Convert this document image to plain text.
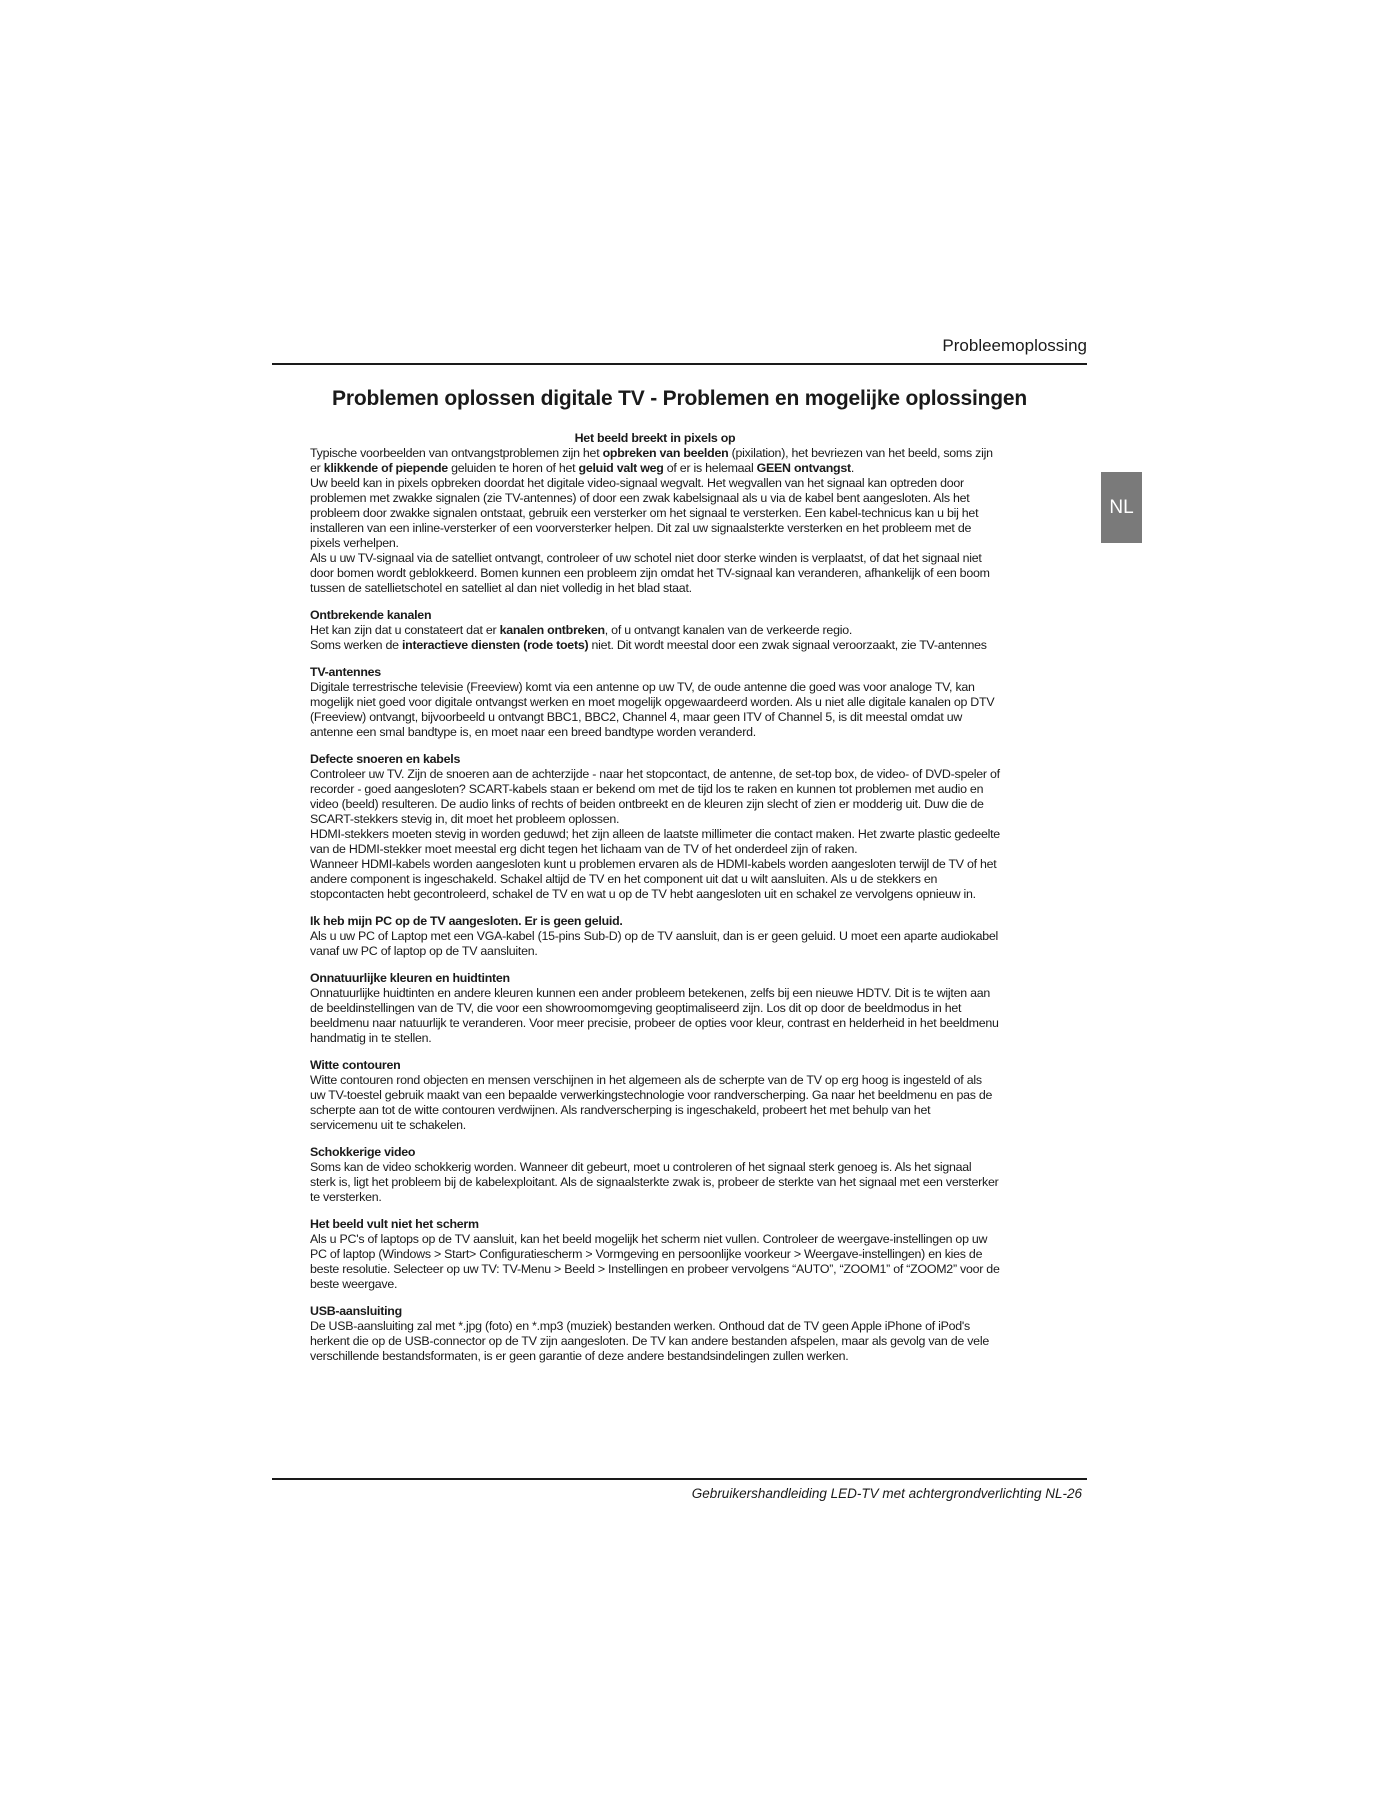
Probleemoplossing
Problemen oplossen digitale TV - Problemen en mogelijke oplossingen
NL
Het beeld breekt in pixels op

Typische voorbeelden van ontvangstproblemen zijn het opbreken van beelden (pixilation), het bevriezen van het beeld, soms zijn er klikkende of piepende geluiden te horen of het geluid valt weg of er is helemaal GEEN ontvangst.

Uw beeld kan in pixels opbreken doordat het digitale video-signaal wegvalt. Het wegvallen van het signaal kan optreden door problemen met zwakke signalen (zie TV-antennes) of door een zwak kabelsignaal als u via de kabel bent aangesloten. Als het probleem door zwakke signalen ontstaat, gebruik een versterker om het signaal te versterken. Een kabel-technicus kan u bij het installeren van een inline-versterker of een voorversterker helpen. Dit zal uw signaalsterkte versterken en het probleem met de pixels verhelpen.

Als u uw TV-signaal via de satelliet ontvangt, controleer of uw schotel niet door sterke winden is verplaatst, of dat het signaal niet door bomen wordt geblokkeerd. Bomen kunnen een probleem zijn omdat het TV-signaal kan veranderen, afhankelijk of een boom tussen de satellietschotel en satelliet al dan niet volledig in het blad staat.

Ontbrekende kanalen

Het kan zijn dat u constateert dat er kanalen ontbreken, of u ontvangt kanalen van de verkeerde regio.

Soms werken de interactieve diensten (rode toets) niet. Dit wordt meestal door een zwak signaal veroorzaakt, zie TV-antennes

TV-antennes

Digitale terrestrische televisie (Freeview) komt via een antenne op uw TV, de oude antenne die goed was voor analoge TV, kan mogelijk niet goed voor digitale ontvangst werken en moet mogelijk opgewaardeerd worden. Als u niet alle digitale kanalen op DTV (Freeview) ontvangt, bijvoorbeeld u ontvangt BBC1, BBC2, Channel 4, maar geen ITV of Channel 5, is dit meestal omdat uw antenne een smal bandtype is, en moet naar een breed bandtype worden veranderd.

Defecte snoeren en kabels

Controleer uw TV. Zijn de snoeren aan de achterzijde - naar het stopcontact, de antenne, de set-top box, de video- of DVD-speler of recorder - goed aangesloten? SCART-kabels staan er bekend om met de tijd los te raken en kunnen tot problemen met audio en video (beeld) resulteren. De audio links of rechts of beiden ontbreekt en de kleuren zijn slecht of zien er modderig uit. Duw die de SCART-stekkers stevig in, dit moet het probleem oplossen.

HDMI-stekkers moeten stevig in worden geduwd; het zijn alleen de laatste millimeter die contact maken. Het zwarte plastic gedeelte van de HDMI-stekker moet meestal erg dicht tegen het lichaam van de TV of het onderdeel zijn of raken.

Wanneer HDMI-kabels worden aangesloten kunt u problemen ervaren als de HDMI-kabels worden aangesloten terwijl de TV of het andere component is ingeschakeld. Schakel altijd de TV en het component uit dat u wilt aansluiten. Als u de stekkers en stopcontacten hebt gecontroleerd, schakel de TV en wat u op de TV hebt aangesloten uit en schakel ze vervolgens opnieuw in.

Ik heb mijn PC op de TV aangesloten. Er is geen geluid.

Als u uw PC of Laptop met een VGA-kabel (15-pins Sub-D) op de TV aansluit, dan is er geen geluid. U moet een aparte audiokabel vanaf uw PC of laptop op de TV aansluiten.

Onnatuurlijke kleuren en huidtinten

Onnatuurlijke huidtinten en andere kleuren kunnen een ander probleem betekenen, zelfs bij een nieuwe HDTV. Dit is te wijten aan de beeldinstellingen van de TV, die voor een showroomomgeving geoptimaliseerd zijn. Los dit op door de beeldmodus in het beeldmenu naar natuurlijk te veranderen. Voor meer precisie, probeer de opties voor kleur, contrast en helderheid in het beeldmenu handmatig in te stellen.

Witte contouren

Witte contouren rond objecten en mensen verschijnen in het algemeen als de scherpte van de TV op erg hoog is ingesteld of als uw TV-toestel gebruik maakt van een bepaalde verwerkingstechnologie voor randverscherping. Ga naar het beeldmenu en pas de scherpte aan tot de witte contouren verdwijnen. Als randverscherping is ingeschakeld, probeert het met behulp van het servicemenu uit te schakelen.

Schokkerige video

Soms kan de video schokkerig worden. Wanneer dit gebeurt, moet u controleren of het signaal sterk genoeg is. Als het signaal sterk is, ligt het probleem bij de kabelexploitant. Als de signaalsterkte zwak is, probeer de sterkte van het signaal met een versterker te versterken.

Het beeld vult niet het scherm

Als u PC's of laptops op de TV aansluit, kan het beeld mogelijk het scherm niet vullen. Controleer de weergave-instellingen op uw PC of laptop (Windows > Start> Configuratiescherm > Vormgeving en persoonlijke voorkeur > Weergave-instellingen) en kies de beste resolutie. Selecteer op uw TV: TV-Menu > Beeld > Instellingen en probeer vervolgens “AUTO”, “ZOOM1” of “ZOOM2” voor de beste weergave.

USB-aansluiting

De USB-aansluiting zal met *.jpg (foto) en *.mp3 (muziek) bestanden werken. Onthoud dat de TV geen Apple iPhone of iPod's herkent die op de USB-connector op de TV zijn aangesloten. De TV kan andere bestanden afspelen, maar als gevolg van de vele verschillende bestandsformaten, is er geen garantie of deze andere bestandsindelingen zullen werken.

Gebruikershandleiding LED-TV met achtergrondverlichting NL-26
